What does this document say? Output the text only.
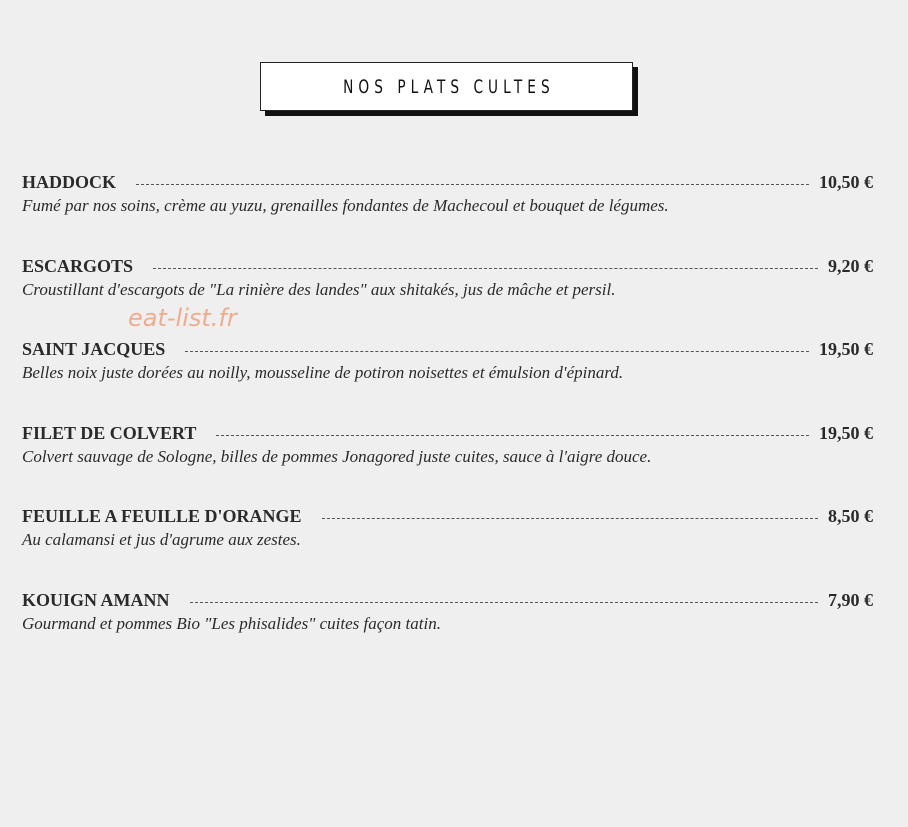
NOS PLATS CULTES
HADDOCK	10,50 €
Fumé par nos soins, crème au yuzu, grenailles fondantes de Machecoul et bouquet de légumes.
ESCARGOTS	9,20 €
Croustillant d'escargots de "La rinière des landes" aux shitakés, jus de mâche et persil.
SAINT JACQUES	19,50 €
Belles noix juste dorées au noilly, mousseline de potiron noisettes et émulsion d'épinard.
FILET DE COLVERT	19,50 €
Colvert sauvage de Sologne, billes de pommes Jonagored juste cuites, sauce à l'aigre douce.
FEUILLE A FEUILLE D'ORANGE	8,50 €
Au calamansi et jus d'agrume aux zestes.
KOUIGN AMANN	7,90 €
Gourmand et pommes Bio "Les phisalides" cuites façon tatin.
eat-list.fr
